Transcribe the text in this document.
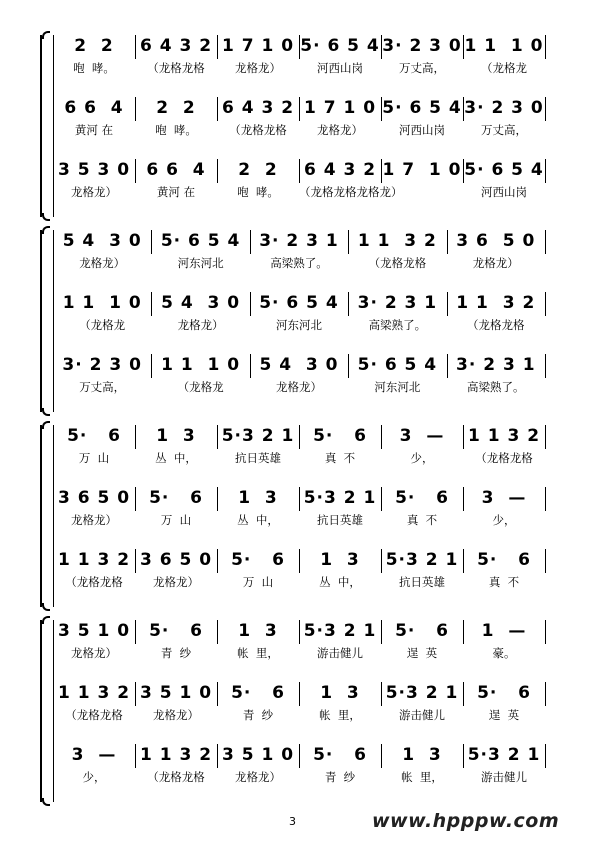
2  2
咆  哮。
6 4 3 2
（龙格龙格
1 7 1 0
龙格龙）
5· 6 5 4
河西山岗
3· 2 3 0
万丈高，
1 1  1 0
（龙格龙
6 6  4
黄河 在
2  2
咆  哮。
6 4 3 2
（龙格龙格
1 7 1 0
龙格龙）
5· 6 5 4
河西山岗
3· 2 3 0
万丈高，
3 5 3 0
龙格龙）
6 6  4
黄河 在
2  2
咆  哮。
6 4 3 2
（龙格龙格龙格龙）
1 7  1 0 5· 6 5 4
河西山岗
5 4  3 0
龙格龙）
5· 6 5 4
河东河北
3· 2 3 1
高梁熟了。
1 1  3 2
（龙格龙格
3 6  5 0
龙格龙）
1 1  1 0
（龙格龙
5 4  3 0
龙格龙）
5· 6 5 4
河东河北
3· 2 3 1
高梁熟了。
1 1  3 2
（龙格龙格
3· 2 3 0
万丈高，
1 1  1 0
（龙格龙
5 4  3 0
龙格龙）
5· 6 5 4
河东河北
3· 2 3 1
高梁熟了。
5·   6
万  山
1  3
丛  中，
5·3 2 1
抗日英雄
5·   6
真  不
3  —
少，
1 1 3 2
（龙格龙格
3 6 5 0
龙格龙）
5·   6
万  山
1  3
丛  中，
5·3 2 1
抗日英雄
5·   6
真  不
3  —
少，
1 1 3 2
（龙格龙格
3 6 5 0
龙格龙）
5·   6
万  山
1  3
丛  中，
5·3 2 1
抗日英雄
5·   6
真  不
3 5 1 0
龙格龙）
5·   6
青  纱
1  3
帐  里，
5·3 2 1
游击健儿
5·   6
逞  英
1  —
豪。
1 1 3 2
（龙格龙格
3 5 1 0
龙格龙）
5·   6
青  纱
1  3
帐  里，
5·3 2 1
游击健儿
5·   6
逞  英
3  —
少，
1 1 3 2
（龙格龙格
3 5 1 0
龙格龙）
5·   6
青  纱
1  3
帐  里，
5·3 2 1
游击健儿
3	www.hpppw.com
